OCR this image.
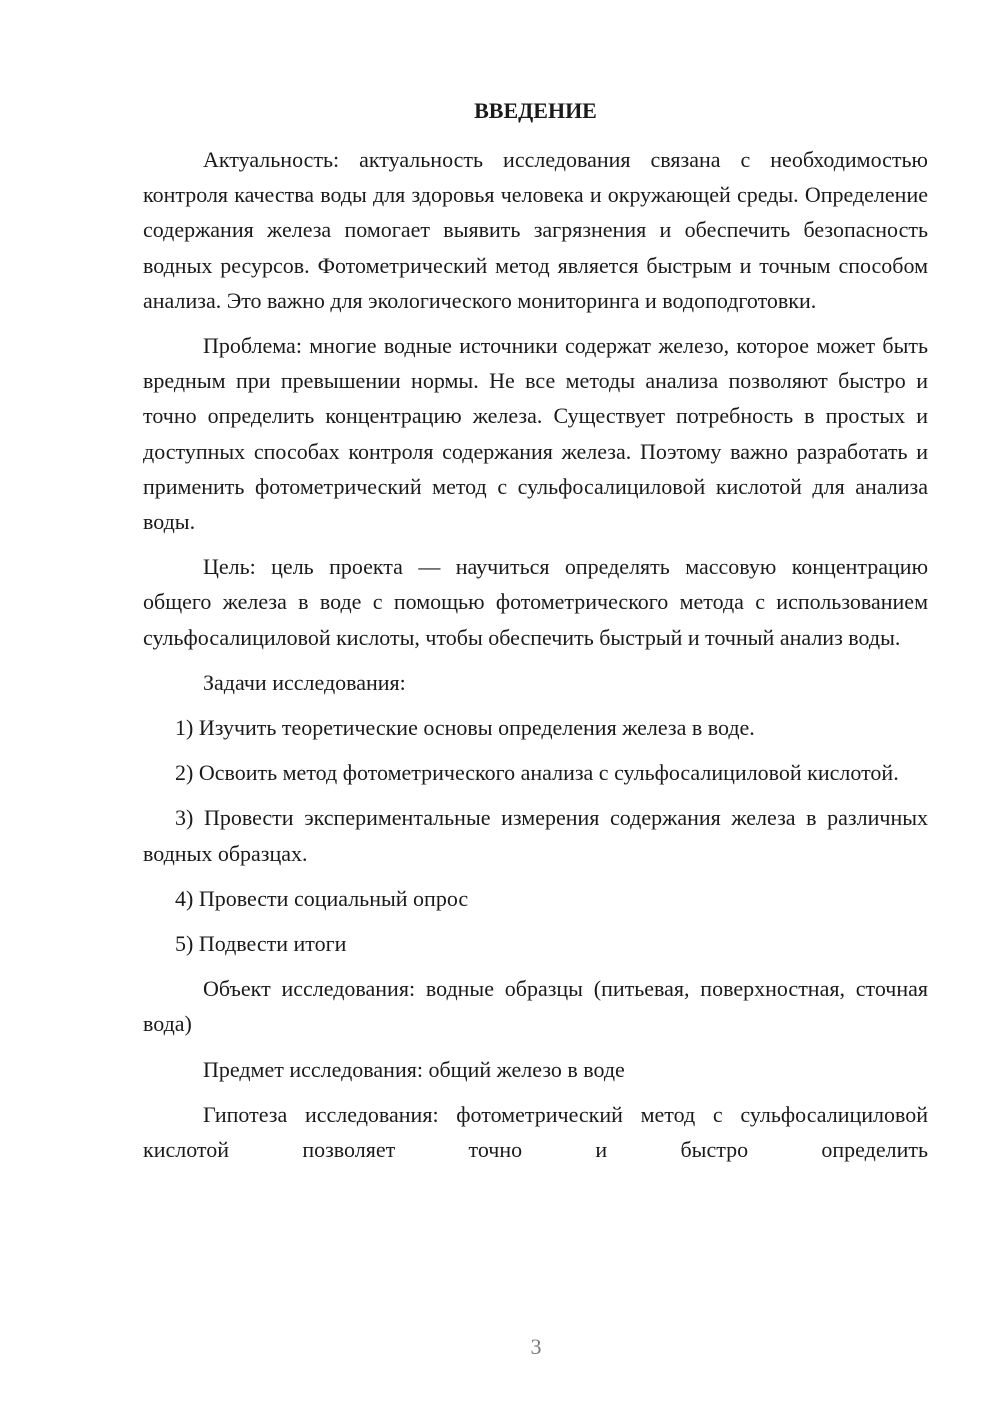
ВВЕДЕНИЕ

Актуальность: актуальность исследования связана с необходимостью контроля качества воды для здоровья человека и окружающей среды. Определение содержания железа помогает выявить загрязнения и обеспечить безопасность водных ресурсов. Фотометрический метод является быстрым и точным способом анализа. Это важно для экологического мониторинга и водоподготовки.

Проблема: многие водные источники содержат железо, которое может быть вредным при превышении нормы. Не все методы анализа позволяют быстро и точно определить концентрацию железа. Существует потребность в простых и доступных способах контроля содержания железа. Поэтому важно разработать и применить фотометрический метод с сульфосалициловой кислотой для анализа воды.

Цель: цель проекта — научиться определять массовую концентрацию общего железа в воде с помощью фотометрического метода с использованием сульфосалициловой кислоты, чтобы обеспечить быстрый и точный анализ воды.

Задачи исследования:

1) Изучить теоретические основы определения железа в воде.

2) Освоить метод фотометрического анализа с сульфосалициловой кислотой.

3) Провести экспериментальные измерения содержания железа в различных водных образцах.

4) Провести социальный опрос

5) Подвести итоги

Объект исследования: водные образцы (питьевая, поверхностная, сточная вода)

Предмет исследования: общий железо в воде

Гипотеза исследования: фотометрический метод с сульфосалициловой кислотой позволяет точно и быстро определить

3
